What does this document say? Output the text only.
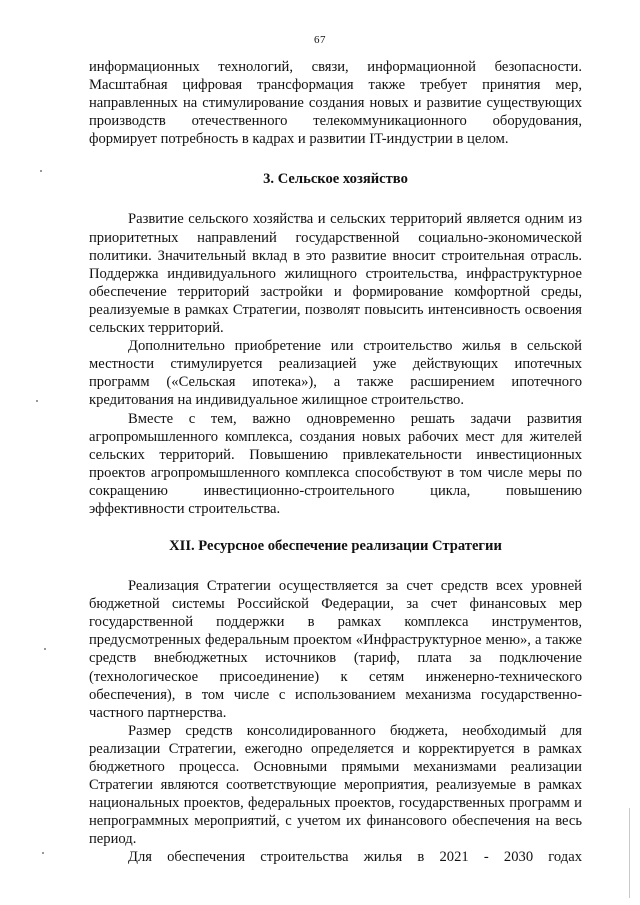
67

информационных технологий, связи, информационной безопасности. Масштабная цифровая трансформация также требует принятия мер, направленных на стимулирование создания новых и развитие существующих производств отечественного телекоммуникационного оборудования, формирует потребность в кадрах и развитии IT-индустрии в целом.

3. Сельское хозяйство

Развитие сельского хозяйства и сельских территорий является одним из приоритетных направлений государственной социально-экономической политики. Значительный вклад в это развитие вносит строительная отрасль. Поддержка индивидуального жилищного строительства, инфраструктурное обеспечение территорий застройки и формирование комфортной среды, реализуемые в рамках Стратегии, позволят повысить интенсивность освоения сельских территорий.

Дополнительно приобретение или строительство жилья в сельской местности стимулируется реализацией уже действующих ипотечных программ («Сельская ипотека»), а также расширением ипотечного кредитования на индивидуальное жилищное строительство.

Вместе с тем, важно одновременно решать задачи развития агропромышленного комплекса, создания новых рабочих мест для жителей сельских территорий. Повышению привлекательности инвестиционных проектов агропромышленного комплекса способствуют в том числе меры по сокращению инвестиционно-строительного цикла, повышению эффективности строительства.

XII. Ресурсное обеспечение реализации Стратегии

Реализация Стратегии осуществляется за счет средств всех уровней бюджетной системы Российской Федерации, за счет финансовых мер государственной поддержки в рамках комплекса инструментов, предусмотренных федеральным проектом «Инфраструктурное меню», а также средств внебюджетных источников (тариф, плата за подключение (технологическое присоединение) к сетям инженерно-технического обеспечения), в том числе с использованием механизма государственно-частного партнерства.

Размер средств консолидированного бюджета, необходимый для реализации Стратегии, ежегодно определяется и корректируется в рамках бюджетного процесса. Основными прямыми механизмами реализации Стратегии являются соответствующие мероприятия, реализуемые в рамках национальных проектов, федеральных проектов, государственных программ и непрограммных мероприятий, с учетом их финансового обеспечения на весь период.

Для обеспечения строительства жилья в 2021 - 2030 годах
